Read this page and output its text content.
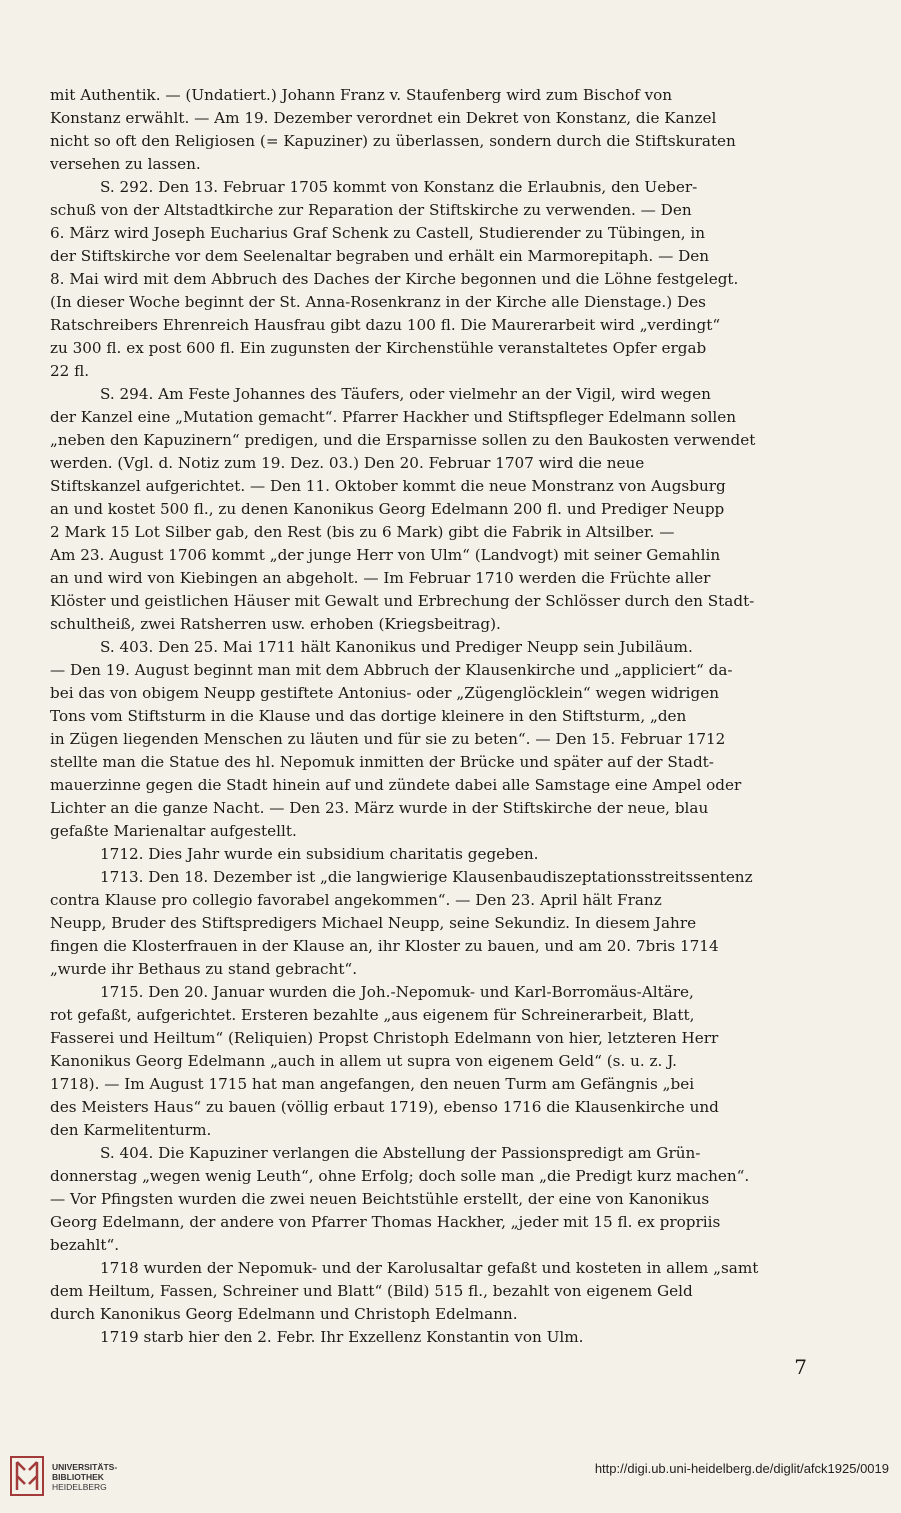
mit Authentik. — (Undatiert.) Johann Franz v. Staufenberg wird zum Bischof von
Konstanz erwählt. — Am 19. Dezember verordnet ein Dekret von Konstanz, die Kanzel
nicht so oft den Religiosen (= Kapuziner) zu überlassen, sondern durch die Stiftskuraten
versehen zu lassen.
S. 292. Den 13. Februar 1705 kommt von Konstanz die Erlaubnis, den Ueber-
schuß von der Altstadtkirche zur Reparation der Stiftskirche zu verwenden. — Den
6. März wird Joseph Eucharius Graf Schenk zu Castell, Studierender zu Tübingen, in
der Stiftskirche vor dem Seelenaltar begraben und erhält ein Marmorepitaph. — Den
8. Mai wird mit dem Abbruch des Daches der Kirche begonnen und die Löhne festgelegt.
(In dieser Woche beginnt der St. Anna-Rosenkranz in der Kirche alle Dienstage.) Des
Ratschreibers Ehrenreich Hausfrau gibt dazu 100 fl. Die Maurerarbeit wird „verdingt“
zu 300 fl. ex post 600 fl. Ein zugunsten der Kirchenstühle veranstaltetes Opfer ergab
22 fl.
S. 294. Am Feste Johannes des Täufers, oder vielmehr an der Vigil, wird wegen
der Kanzel eine „Mutation gemacht“. Pfarrer Hackher und Stiftspfleger Edelmann sollen
„neben den Kapuzinern“ predigen, und die Ersparnisse sollen zu den Baukosten verwendet
werden. (Vgl. d. Notiz zum 19. Dez. 03.) Den 20. Februar 1707 wird die neue
Stiftskanzel aufgerichtet. — Den 11. Oktober kommt die neue Monstranz von Augsburg
an und kostet 500 fl., zu denen Kanonikus Georg Edelmann 200 fl. und Prediger Neupp
2 Mark 15 Lot Silber gab, den Rest (bis zu 6 Mark) gibt die Fabrik in Altsilber. —
Am 23. August 1706 kommt „der junge Herr von Ulm“ (Landvogt) mit seiner Gemahlin
an und wird von Kiebingen an abgeholt. — Im Februar 1710 werden die Früchte aller
Klöster und geistlichen Häuser mit Gewalt und Erbrechung der Schlösser durch den Stadt-
schultheiß, zwei Ratsherren usw. erhoben (Kriegsbeitrag).
S. 403. Den 25. Mai 1711 hält Kanonikus und Prediger Neupp sein Jubiläum.
— Den 19. August beginnt man mit dem Abbruch der Klausenkirche und „appliciert“ da-
bei das von obigem Neupp gestiftete Antonius- oder „Zügenglöcklein“ wegen widrigen
Tons vom Stiftsturm in die Klause und das dortige kleinere in den Stiftsturm, „den
in Zügen liegenden Menschen zu läuten und für sie zu beten“. — Den 15. Februar 1712
stellte man die Statue des hl. Nepomuk inmitten der Brücke und später auf der Stadt-
mauerzinne gegen die Stadt hinein auf und zündete dabei alle Samstage eine Ampel oder
Lichter an die ganze Nacht. — Den 23. März wurde in der Stiftskirche der neue, blau
gefaßte Marienaltar aufgestellt.
1712. Dies Jahr wurde ein subsidium charitatis gegeben.
1713. Den 18. Dezember ist „die langwierige Klausenbaudiszeptationsstreitssentenz
contra Klause pro collegio favorabel angekommen“. — Den 23. April hält Franz
Neupp, Bruder des Stiftspredigers Michael Neupp, seine Sekundiz. In diesem Jahre
fingen die Klosterfrauen in der Klause an, ihr Kloster zu bauen, und am 20. 7bris 1714
„wurde ihr Bethaus zu stand gebracht“.
1715. Den 20. Januar wurden die Joh.-Nepomuk- und Karl-Borromäus-Altäre,
rot gefaßt, aufgerichtet. Ersteren bezahlte „aus eigenem für Schreinerarbeit, Blatt,
Fasserei und Heiltum“ (Reliquien) Propst Christoph Edelmann von hier, letzteren Herr
Kanonikus Georg Edelmann „auch in allem ut supra von eigenem Geld“ (s. u. z. J.
1718). — Im August 1715 hat man angefangen, den neuen Turm am Gefängnis „bei
des Meisters Haus“ zu bauen (völlig erbaut 1719), ebenso 1716 die Klausenkirche und
den Karmelitenturm.
S. 404. Die Kapuziner verlangen die Abstellung der Passionspredigt am Grün-
donnerstag „wegen wenig Leuth“, ohne Erfolg; doch solle man „die Predigt kurz machen“.
— Vor Pfingsten wurden die zwei neuen Beichtstühle erstellt, der eine von Kanonikus
Georg Edelmann, der andere von Pfarrer Thomas Hackher, „jeder mit 15 fl. ex propriis
bezahlt“.
1718 wurden der Nepomuk- und der Karolusaltar gefaßt und kosteten in allem „samt
dem Heiltum, Fassen, Schreiner und Blatt“ (Bild) 515 fl., bezahlt von eigenem Geld
durch Kanonikus Georg Edelmann und Christoph Edelmann.
1719 starb hier den 2. Febr. Ihr Exzellenz Konstantin von Ulm.
7
UNIVERSITÄTS-
BIBLIOTHEK
HEIDELBERG
http://digi.ub.uni-heidelberg.de/diglit/afck1925/0019
